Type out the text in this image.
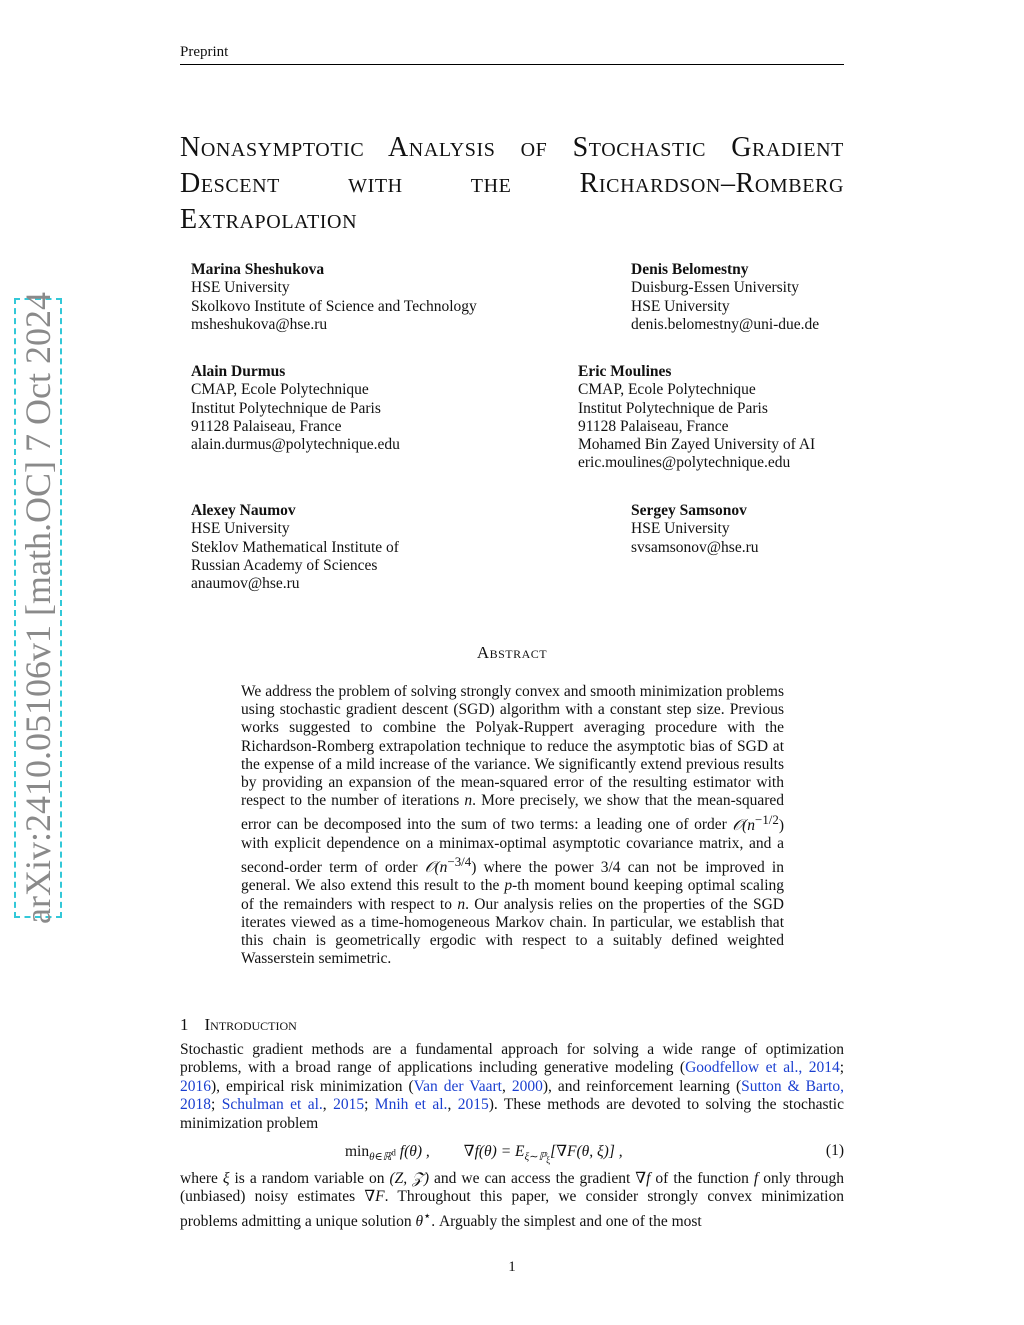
Preprint
arXiv:2410.05106v1 [math.OC] 7 Oct 2024
Nonasymptotic Analysis of Stochastic Gradient Descent with the Richardson–Romberg Extrapolation
Marina Sheshukova
HSE University
Skolkovo Institute of Science and Technology
msheshukova@hse.ru
Denis Belomestny
Duisburg-Essen University
HSE University
denis.belomestny@uni-due.de
Alain Durmus
CMAP, Ecole Polytechnique
Institut Polytechnique de Paris
91128 Palaiseau, France
alain.durmus@polytechnique.edu
Eric Moulines
CMAP, Ecole Polytechnique
Institut Polytechnique de Paris
91128 Palaiseau, France
Mohamed Bin Zayed University of AI
eric.moulines@polytechnique.edu
Alexey Naumov
HSE University
Steklov Mathematical Institute of
Russian Academy of Sciences
anaumov@hse.ru
Sergey Samsonov
HSE University
svsamsonov@hse.ru
Abstract
We address the problem of solving strongly convex and smooth minimization problems using stochastic gradient descent (SGD) algorithm with a constant step size. Previous works suggested to combine the Polyak-Ruppert averaging procedure with the Richardson-Romberg extrapolation technique to reduce the asymptotic bias of SGD at the expense of a mild increase of the variance. We significantly extend previous results by providing an expansion of the mean-squared error of the resulting estimator with respect to the number of iterations n. More precisely, we show that the mean-squared error can be decomposed into the sum of two terms: a leading one of order $𝒪(n^{-1/2})$ with explicit dependence on a minimax-optimal asymptotic covariance matrix, and a second-order term of order $𝒪(n^{-3/4})$ where the power 3/4 can not be improved in general. We also extend this result to the p-th moment bound keeping optimal scaling of the remainders with respect to n. Our analysis relies on the properties of the SGD iterates viewed as a time-homogeneous Markov chain. In particular, we establish that this chain is geometrically ergodic with respect to a suitably defined weighted Wasserstein semimetric.
1 Introduction
Stochastic gradient methods are a fundamental approach for solving a wide range of optimization problems, with a broad range of applications including generative modeling (Goodfellow et al., 2014; 2016), empirical risk minimization (Van der Vaart, 2000), and reinforcement learning (Sutton & Barto, 2018; Schulman et al., 2015; Mnih et al., 2015). These methods are devoted to solving the stochastic minimization problem
$\min_{\theta\in ℝ^d} f(\theta)$ , $\nabla f(\theta) = E_{\xi\sim ℙ_\xi}[\nabla F(\theta$, ξ)] ,	(1)
where ξ is a random variable on (Z, 𝒵) and we can access the gradient ∇f of the function f only through (unbiased) noisy estimates ∇F. Throughout this paper, we consider strongly convex minimization problems admitting a unique solution θ⋆. Arguably the simplest and one of the most
1
